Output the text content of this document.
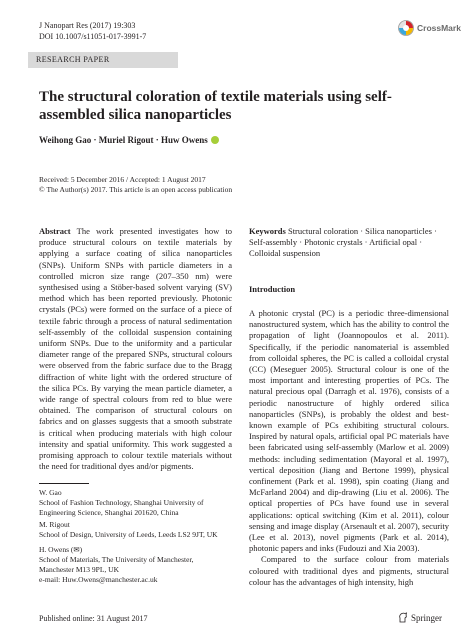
J Nanopart Res (2017) 19:303
DOI 10.1007/s11051-017-3991-7
CrossMark
RESEARCH PAPER
The structural coloration of textile materials using self-assembled silica nanoparticles
Weihong Gao · Muriel Rigout · Huw Owens
Received: 5 December 2016 / Accepted: 1 August 2017
© The Author(s) 2017. This article is an open access publication
Abstract The work presented investigates how to produce structural colours on textile materials by applying a surface coating of silica nanoparticles (SNPs). Uniform SNPs with particle diameters in a controlled micron size range (207–350 nm) were synthesised using a Stöber-based solvent varying (SV) method which has been reported previously. Photonic crystals (PCs) were formed on the surface of a piece of textile fabric through a process of natural sedimentation self-assembly of the colloidal suspension containing uniform SNPs. Due to the uniformity and a particular diameter range of the prepared SNPs, structural colours were observed from the fabric surface due to the Bragg diffraction of white light with the ordered structure of the silica PCs. By varying the mean particle diameter, a wide range of spectral colours from red to blue were obtained. The comparison of structural colours on fabrics and on glasses suggests that a smooth substrate is critical when producing materials with high colour intensity and spatial uniformity. This work suggested a promising approach to colour textile materials without the need for traditional dyes and/or pigments.
Keywords Structural coloration · Silica nanoparticles · Self-assembly · Photonic crystals · Artificial opal · Colloidal suspension
Introduction

A photonic crystal (PC) is a periodic three-dimensional nanostructured system, which has the ability to control the propagation of light (Joannopoulos et al. 2011). Specifically, if the periodic nanomaterial is assembled from colloidal spheres, the PC is called a colloidal crystal (CC) (Meseguer 2005). Structural colour is one of the most important and interesting properties of PCs. The natural precious opal (Darragh et al. 1976), consists of a periodic nanostructure of highly ordered silica nanoparticles (SNPs), is probably the oldest and best-known example of PCs exhibiting structural colours. Inspired by natural opals, artificial opal PC materials have been fabricated using self-assembly (Marlow et al. 2009) methods: including sedimentation (Mayoral et al. 1997), vertical deposition (Jiang and Bertone 1999), physical confinement (Park et al. 1998), spin coating (Jiang and McFarland 2004) and dip-drawing (Liu et al. 2006). The optical properties of PCs have found use in several applications: optical switching (Kim et al. 2011), colour sensing and image display (Arsenault et al. 2007), security (Lee et al. 2013), novel pigments (Park et al. 2014), photonic papers and inks (Fudouzi and Xia 2003).

Compared to the surface colour from materials coloured with traditional dyes and pigments, structural colour has the advantages of high intensity, high

W. Gao
School of Fashion Technology, Shanghai University of
Engineering Science, Shanghai 201620, China
M. Rigout
School of Design, University of Leeds, Leeds LS2 9JT, UK
H. Owens (✉)
School of Materials, The University of Manchester,
Manchester M13 9PL, UK
e-mail: Huw.Owens@manchester.ac.uk
Published online: 31 August 2017	Springer
